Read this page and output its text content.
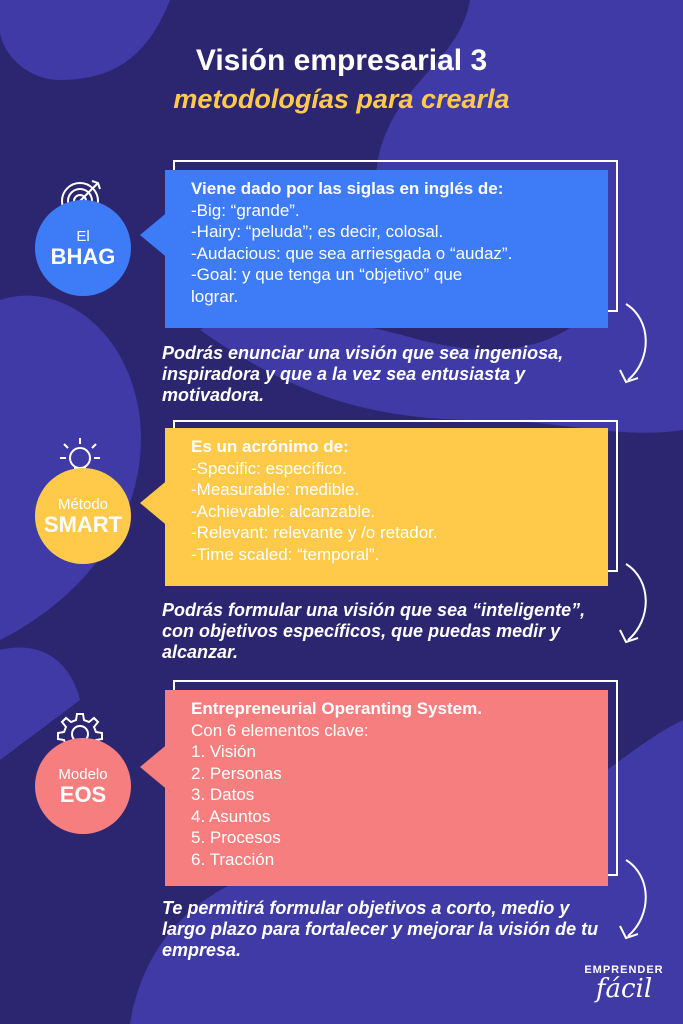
Visión empresarial 3
metodologías para crearla
Viene dado por las siglas en inglés de:
-Big: “grande”.
-Hairy: “peluda”; es decir, colosal.
-Audacious: que sea arriesgada o “audaz”.
-Goal: y que tenga un “objetivo” que
lograr.
El
BHAG
Podrás enunciar una visión que sea ingeniosa, inspiradora y que a la vez sea entusiasta y motivadora.
Es un acrónimo de:
-Specific: específico.
-Measurable: medible.
-Achievable: alcanzable.
-Relevant: relevante y /o retador.
-Time scaled: “temporal”.
Método
SMART
Podrás formular una visión que sea “inteligente”, con objetivos específicos, que puedas medir y alcanzar.
Entrepreneurial Operanting System.
Con 6 elementos clave:
1. Visión
2. Personas
3. Datos
4. Asuntos
5. Procesos
6. Tracción
Modelo
EOS
Te permitirá formular objetivos a corto, medio y largo plazo para fortalecer y mejorar la visión de tu empresa.
EMPRENDER
fácil
